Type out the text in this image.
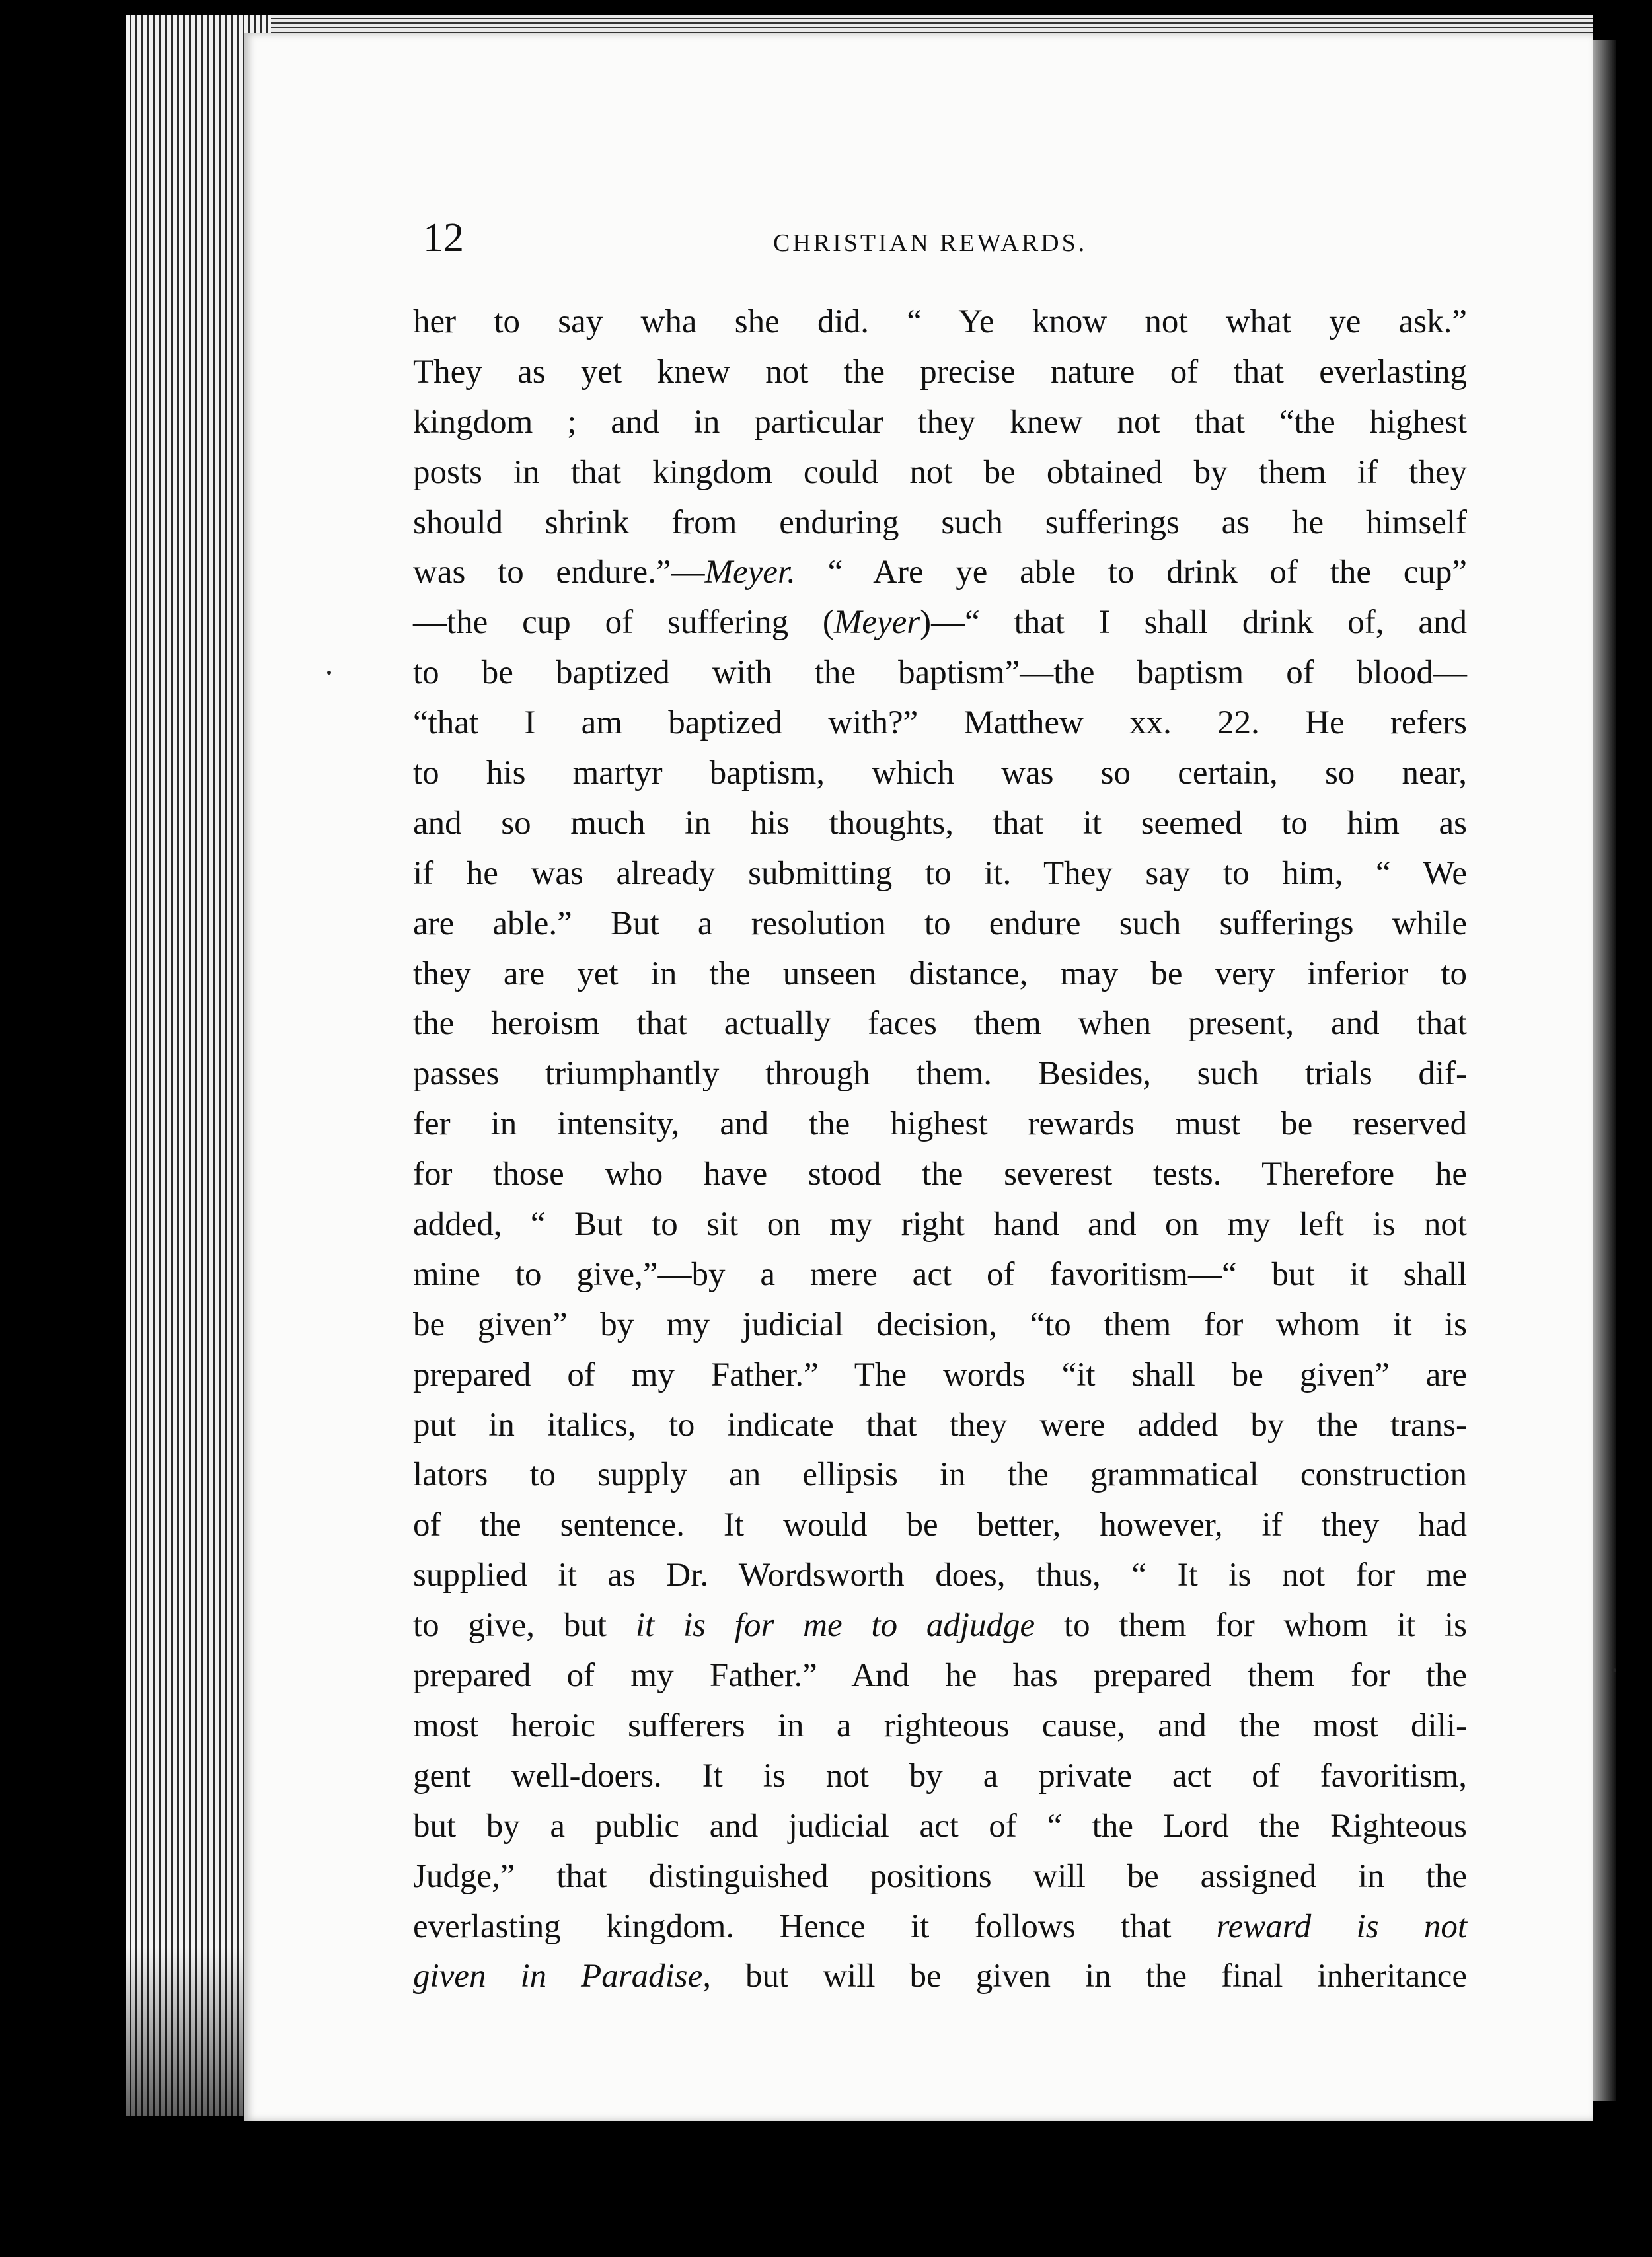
12	CHRISTIAN REWARDS.
her to say wha she did. “ Ye know not what ye ask.”
They as yet knew not the precise nature of that everlasting
kingdom ; and in particular they knew not that “the highest
posts in that kingdom could not be obtained by them if they
should shrink from enduring such sufferings as he himself
was to endure.”—Meyer. “ Are ye able to drink of the cup”
—the cup of suffering (Meyer)—“ that I shall drink of, and
to be baptized with the baptism”—the baptism of blood—
“that I am baptized with?” Matthew xx. 22. He refers
to his martyr baptism, which was so certain, so near,
and so much in his thoughts, that it seemed to him as
if he was already submitting to it. They say to him, “ We
are able.” But a resolution to endure such sufferings while
they are yet in the unseen distance, may be very inferior to
the heroism that actually faces them when present, and that
passes triumphantly through them. Besides, such trials dif-
fer in intensity, and the highest rewards must be reserved
for those who have stood the severest tests. Therefore he
added, “ But to sit on my right hand and on my left is not
mine to give,”—by a mere act of favoritism—“ but it shall
be given” by my judicial decision, “to them for whom it is
prepared of my Father.” The words “it shall be given” are
put in italics, to indicate that they were added by the trans-
lators to supply an ellipsis in the grammatical construction
of the sentence. It would be better, however, if they had
supplied it as Dr. Wordsworth does, thus, “ It is not for me
to give, but it is for me to adjudge to them for whom it is
prepared of my Father.” And he has prepared them for the
most heroic sufferers in a righteous cause, and the most dili-
gent well-doers. It is not by a private act of favoritism,
but by a public and judicial act of “ the Lord the Righteous
Judge,” that distinguished positions will be assigned in the
everlasting kingdom. Hence it follows that reward is not
given in Paradise, but will be given in the final inheritance
